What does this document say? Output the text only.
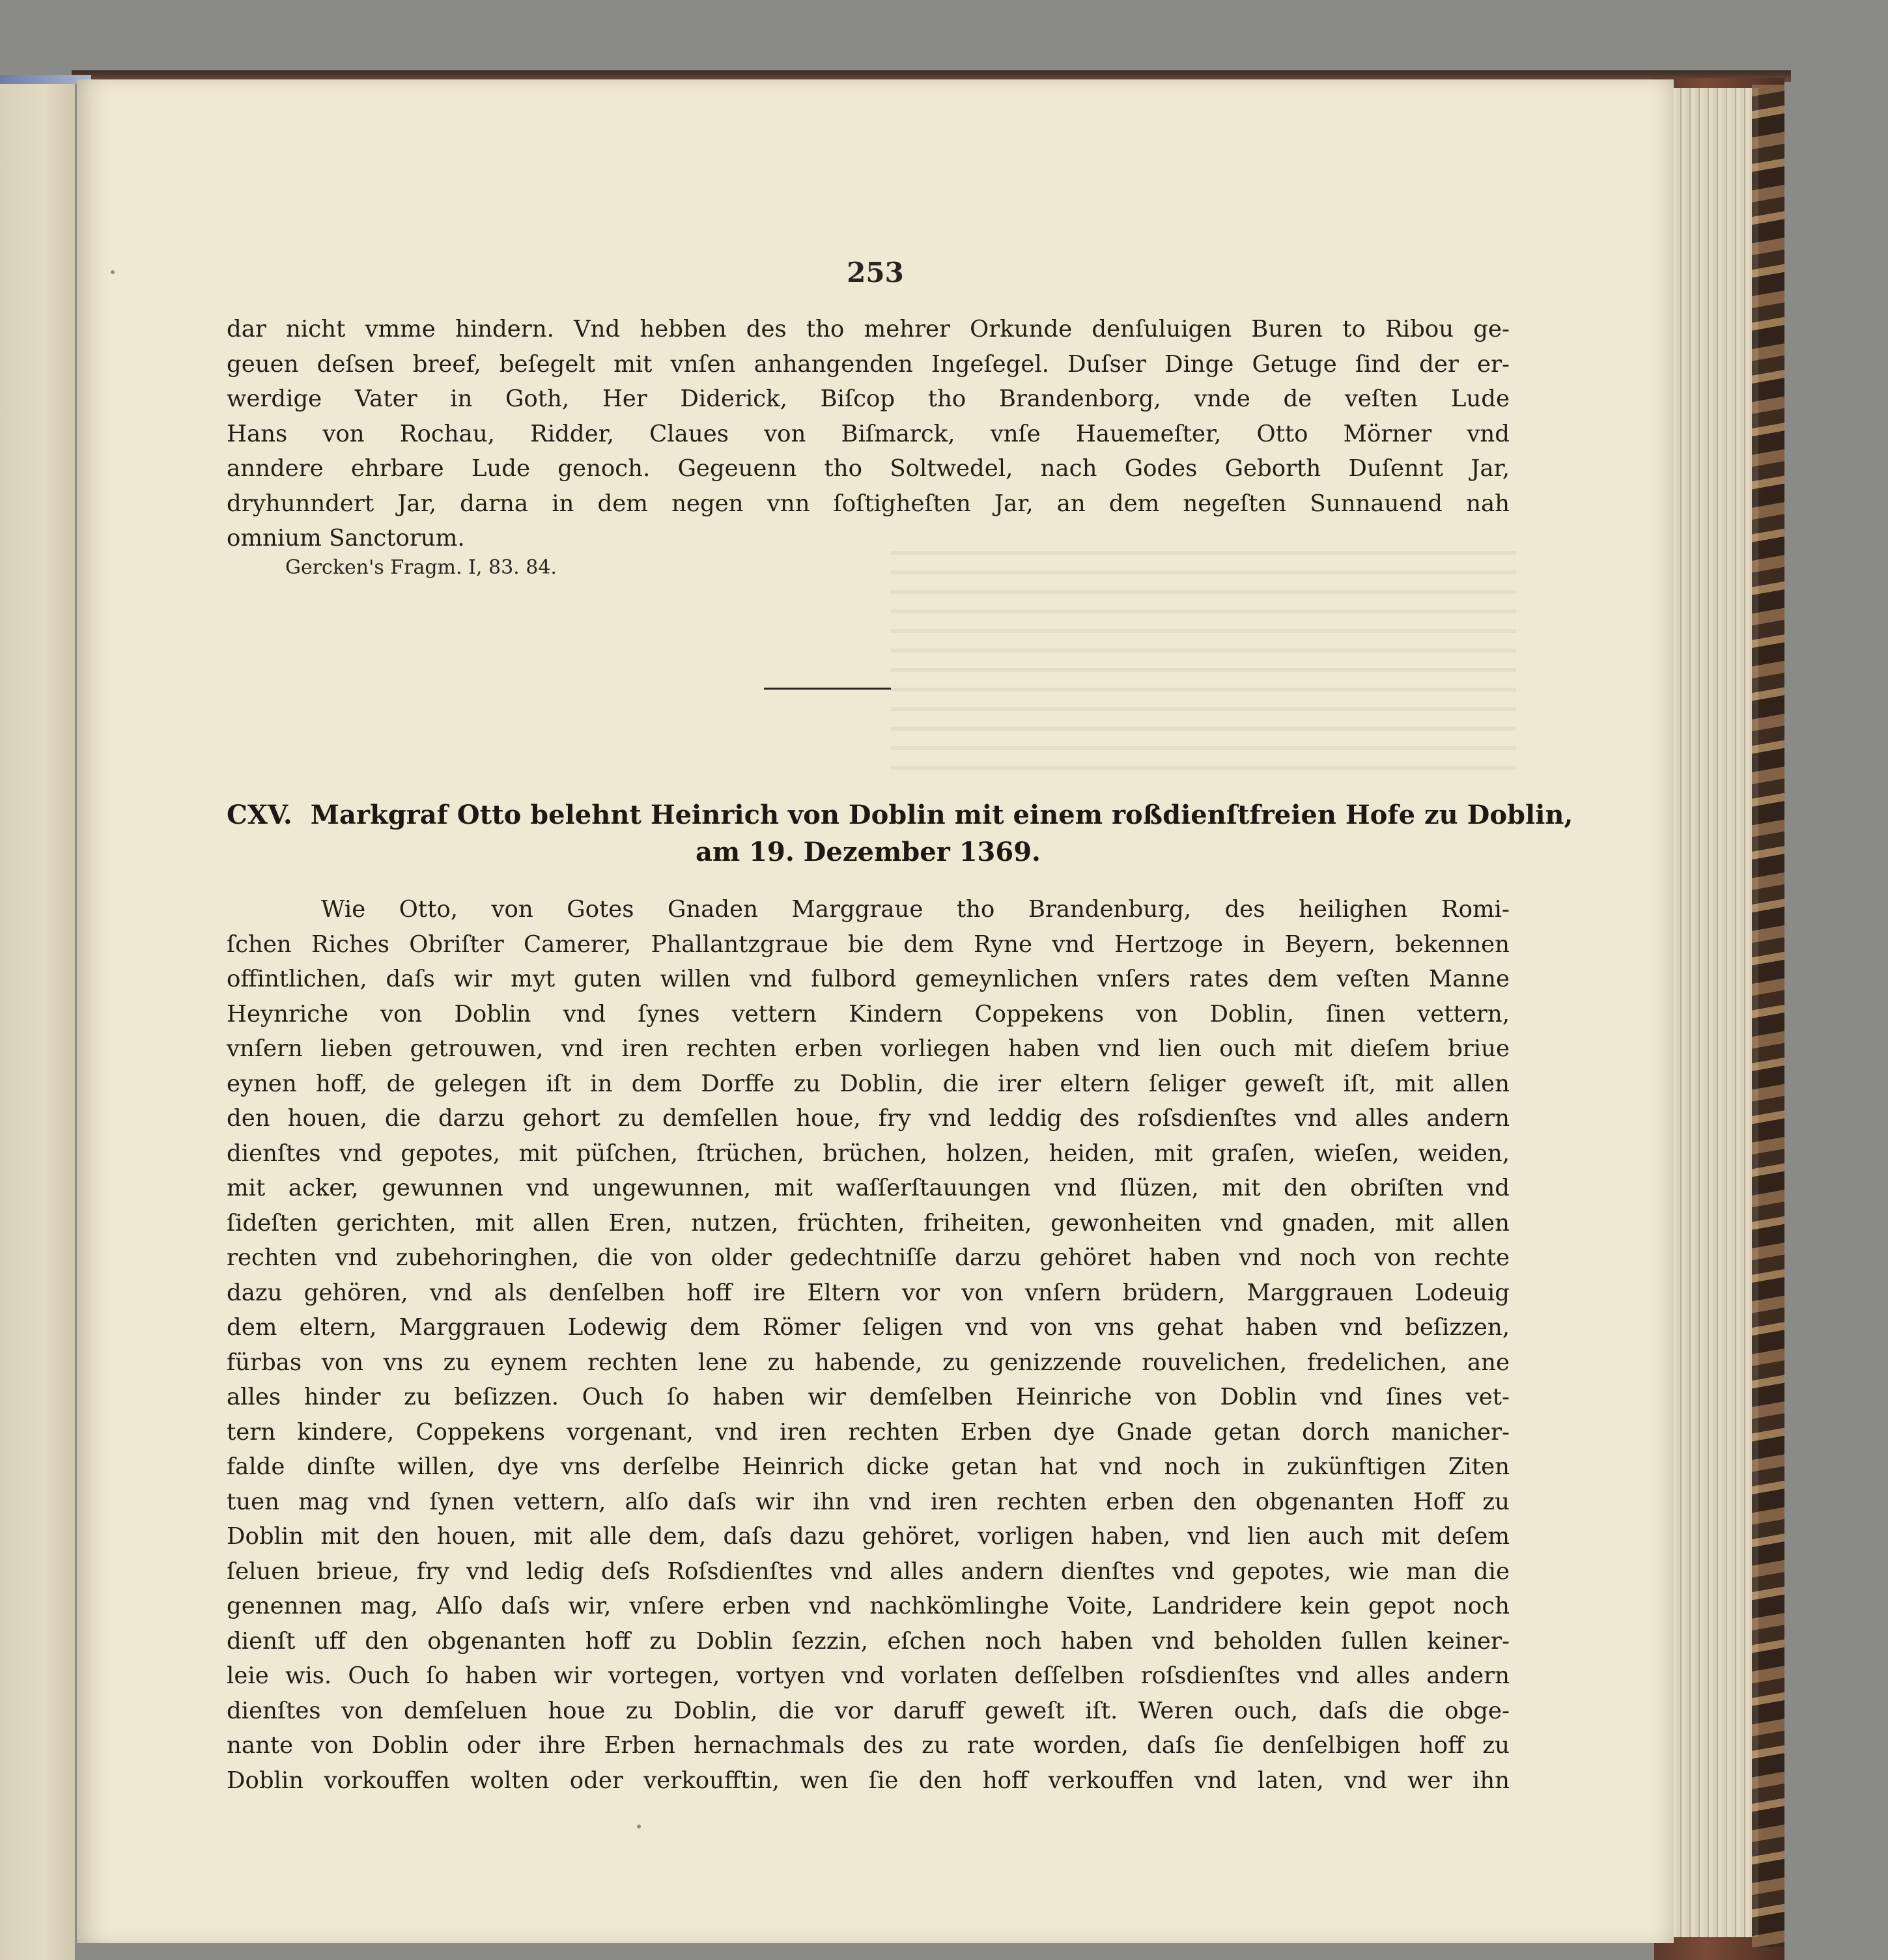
253
dar nicht vmme hindern. Vnd hebben des tho mehrer Orkunde denſuluigen Buren to Ribou ge-
geuen deſsen breef, beſegelt mit vnſen anhangenden Ingeſegel. Duſser Dinge Getuge ſind der er-
werdige Vater in Goth, Her Diderick, Biſcop tho Brandenborg, vnde de veſten Lude
Hans von Rochau, Ridder, Claues von Biſmarck, vnſe Hauemeſter, Otto Mörner vnd
anndere ehrbare Lude genoch. Gegeuenn tho Soltwedel, nach Godes Geborth Duſennt Jar,
dryhunndert Jar, darna in dem negen vnn ſoſtigheſten Jar, an dem negeſten Sunnauend nah
omnium Sanctorum.
Gercken's Fragm. I, 83. 84.
CXV. Markgraf Otto belehnt Heinrich von Doblin mit einem roßdienſtfreien Hofe zu Doblin,
am 19. Dezember 1369.
Wie Otto, von Gotes Gnaden Marggraue tho Brandenburg, des heilighen Romi-
ſchen Riches Obriſter Camerer, Phallantzgraue bie dem Ryne vnd Hertzoge in Beyern, bekennen
offintlichen, daſs wir myt guten willen vnd fulbord gemeynlichen vnſers rates dem veſten Manne
Heynriche von Doblin vnd ſynes vettern Kindern Coppekens von Doblin, ſinen vettern,
vnſern lieben getrouwen, vnd iren rechten erben vorliegen haben vnd lien ouch mit dieſem briue
eynen hoff, de gelegen iſt in dem Dorffe zu Doblin, die irer eltern ſeliger geweſt iſt, mit allen
den houen, die darzu gehort zu demſellen houe, fry vnd leddig des roſsdienſtes vnd alles andern
dienſtes vnd gepotes, mit püſchen, ſtrüchen, brüchen, holzen, heiden, mit graſen, wieſen, weiden,
mit acker, gewunnen vnd ungewunnen, mit waſſerſtauungen vnd ſlüzen, mit den obriſten vnd
ſideſten gerichten, mit allen Eren, nutzen, früchten, friheiten, gewonheiten vnd gnaden, mit allen
rechten vnd zubehoringhen, die von older gedechtniſſe darzu gehöret haben vnd noch von rechte
dazu gehören, vnd als denſelben hoff ire Eltern vor von vnſern brüdern, Marggrauen Lodeuig
dem eltern, Marggrauen Lodewig dem Römer ſeligen vnd von vns gehat haben vnd beſizzen,
fürbas von vns zu eynem rechten lene zu habende, zu genizzende rouvelichen, fredelichen, ane
alles hinder zu beſizzen. Ouch ſo haben wir demſelben Heinriche von Doblin vnd ſines vet-
tern kindere, Coppekens vorgenant, vnd iren rechten Erben dye Gnade getan dorch manicher-
falde dinſte willen, dye vns derſelbe Heinrich dicke getan hat vnd noch in zukünftigen Ziten
tuen mag vnd ſynen vettern, alſo daſs wir ihn vnd iren rechten erben den obgenanten Hoff zu
Doblin mit den houen, mit alle dem, daſs dazu gehöret, vorligen haben, vnd lien auch mit deſem
ſeluen brieue, fry vnd ledig deſs Roſsdienſtes vnd alles andern dienſtes vnd gepotes, wie man die
genennen mag, Alſo daſs wir, vnſere erben vnd nachkömlinghe Voite, Landridere kein gepot noch
dienſt uff den obgenanten hoff zu Doblin ſezzin, eſchen noch haben vnd beholden ſullen keiner-
leie wis. Ouch ſo haben wir vortegen, vortyen vnd vorlaten deſſelben roſsdienſtes vnd alles andern
dienſtes von demſeluen houe zu Doblin, die vor daruff geweſt iſt. Weren ouch, daſs die obge-
nante von Doblin oder ihre Erben hernachmals des zu rate worden, daſs ſie denſelbigen hoff zu
Doblin vorkouffen wolten oder verkoufftin, wen ſie den hoff verkouffen vnd laten, vnd wer ihn
